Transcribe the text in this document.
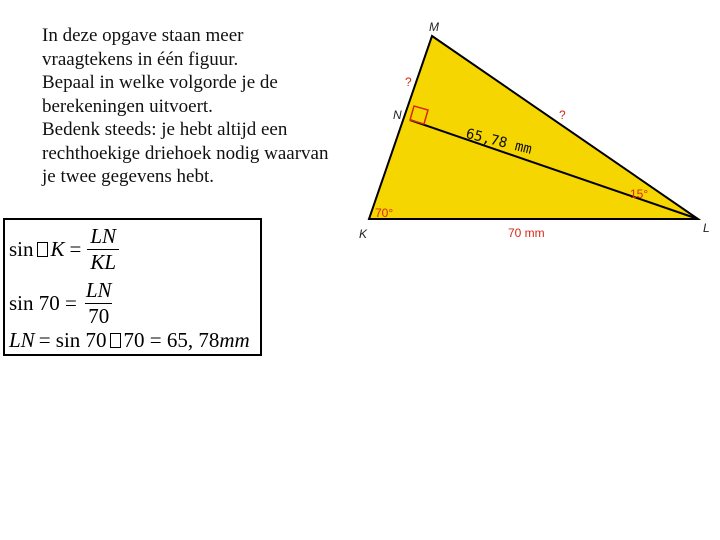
In deze opgave staan meer
vraagtekens in één figuur.
Bepaal in welke volgorde je de
berekeningen uitvoert.
Bedenk steeds: je hebt altijd een
rechthoekige driehoek nodig waarvan
je twee gegevens hebt.
M
N
K	L
?
?
70°
15°
70 mm
65,78 mm
$\sin K = \frac{LN}{KL}$
$\sin 70 = \frac{LN}{70}$
LN = sin 70 70 = 65, 78 mm
